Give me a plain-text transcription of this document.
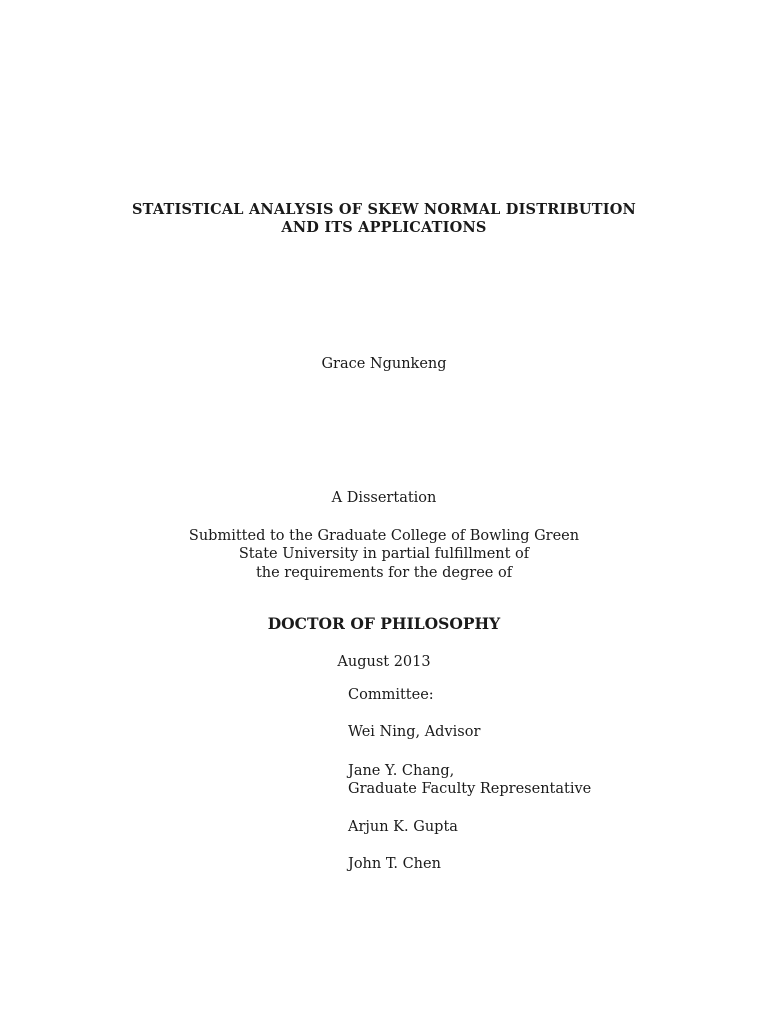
STATISTICAL ANALYSIS OF SKEW NORMAL DISTRIBUTION
AND ITS APPLICATIONS
Grace Ngunkeng
A Dissertation
Submitted to the Graduate College of Bowling Green
State University in partial fulfillment of
the requirements for the degree of
DOCTOR OF PHILOSOPHY
August 2013
Committee:
Wei Ning, Advisor
Jane Y. Chang,
Graduate Faculty Representative
Arjun K. Gupta
John T. Chen
